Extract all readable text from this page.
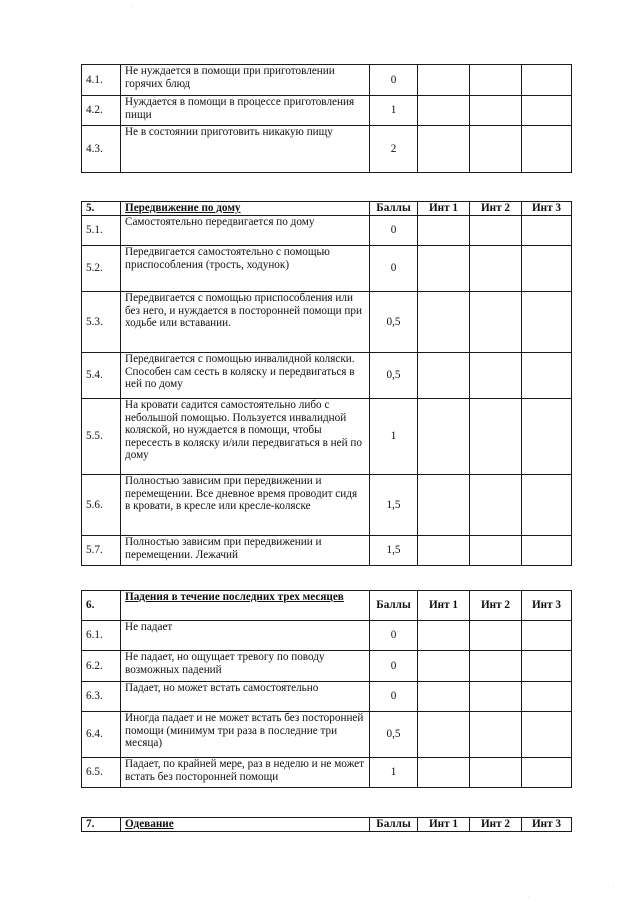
4.1.	Не нуждается в помощи при приготовлении горячих блюд	0			
4.2.	Нуждается в помощи в процессе приготовления пищи	1			
4.3.	Не в состоянии приготовить никакую пищу	2			
5.	Передвижение по дому	Баллы	Инт 1	Инт 2	Инт 3
5.1.	Самостоятельно передвигается по дому	0			
5.2.	Передвигается самостоятельно с помощью приспособления (трость, ходунок)	0			
5.3.	Передвигается с помощью приспособления или без него, и нуждается в посторонней помощи при ходьбе или вставании.	0,5			
5.4.	Передвигается с помощью инвалидной коляски. Способен сам сесть в коляску и передвигаться в ней по дому	0,5			
5.5.	На кровати садится самостоятельно либо с небольшой помощью. Пользуется инвалидной коляской, но нуждается в помощи, чтобы пересесть в коляску и/или передвигаться в ней по дому	1			
5.6.	Полностью зависим при передвижении и перемещении. Все дневное время проводит сидя в кровати, в кресле или кресле-коляске	1,5			
5.7.	Полностью зависим при передвижении и перемещении. Лежачий	1,5			
6.	Падения в течение последних трех месяцев	Баллы	Инт 1	Инт 2	Инт 3
6.1.	Не падает	0			
6.2.	Не падает, но ощущает тревогу по поводу возможных падений	0			
6.3.	Падает, но может встать самостоятельно	0			
6.4.	Иногда падает и не может встать без посторонней помощи (минимум три раза в последние три месяца)	0,5			
6.5.	Падает, по крайней мере, раз в неделю и не может встать без посторонней помощи	1			
7.	Одевание	Баллы	Инт 1	Инт 2	Инт 3
·
·
·
